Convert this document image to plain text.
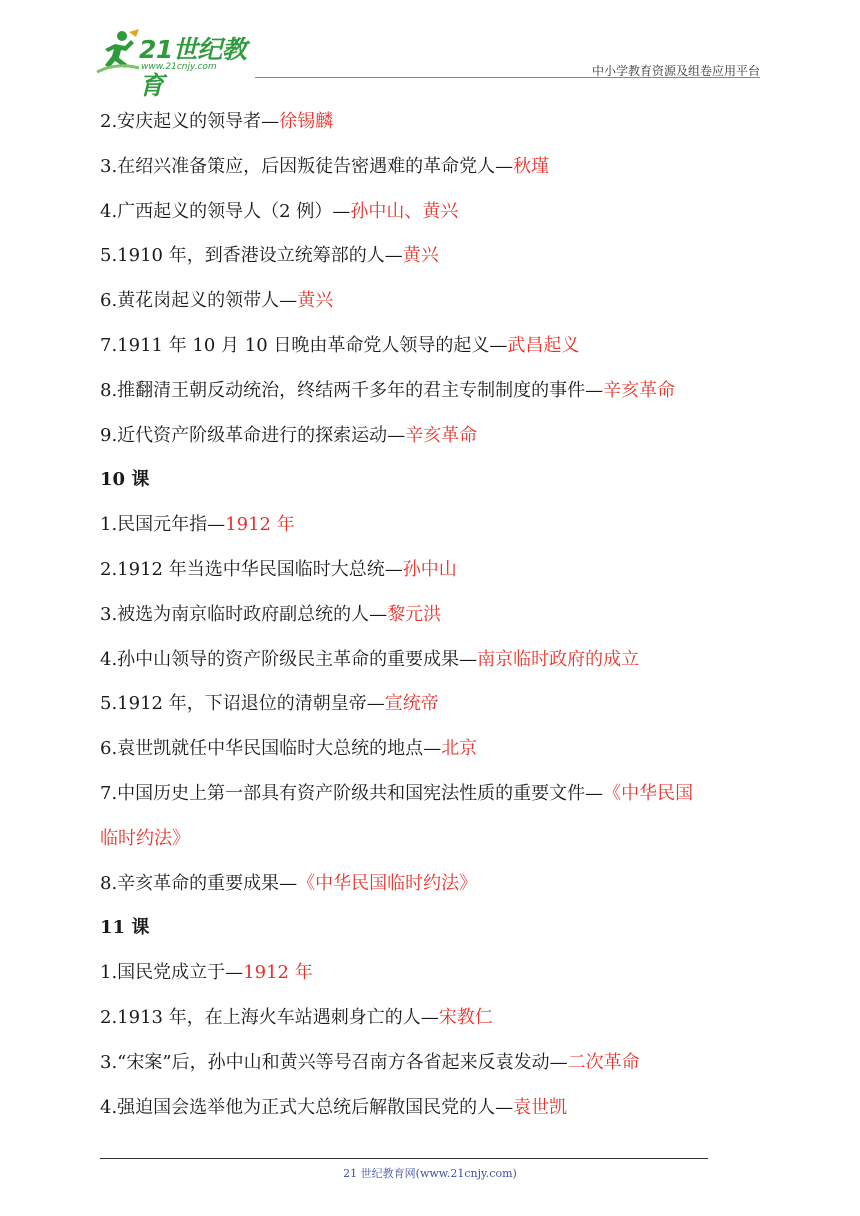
21世纪教育
www.21cnjy.com	中小学教育资源及组卷应用平台
2.安庆起义的领导者—徐锡麟
3.在绍兴准备策应，后因叛徒告密遇难的革命党人—秋瑾
4.广西起义的领导人（2 例）—孙中山、黄兴
5.1910 年，到香港设立统筹部的人—黄兴
6.黄花岗起义的领带人—黄兴
7.1911 年 10 月 10 日晚由革命党人领导的起义—武昌起义
8.推翻清王朝反动统治，终结两千多年的君主专制制度的事件—辛亥革命
9.近代资产阶级革命进行的探索运动—辛亥革命
10 课
1.民国元年指—1912 年
2.1912 年当选中华民国临时大总统—孙中山
3.被选为南京临时政府副总统的人—黎元洪
4.孙中山领导的资产阶级民主革命的重要成果—南京临时政府的成立
5.1912 年，下诏退位的清朝皇帝—宣统帝
6.袁世凯就任中华民国临时大总统的地点—北京
7.中国历史上第一部具有资产阶级共和国宪法性质的重要文件—《中华民国
临时约法》
8.辛亥革命的重要成果—《中华民国临时约法》
11 课
1.国民党成立于—1912 年
2.1913 年，在上海火车站遇刺身亡的人—宋教仁
3.“宋案”后，孙中山和黄兴等号召南方各省起来反袁发动—二次革命
4.强迫国会选举他为正式大总统后解散国民党的人—袁世凯
21 世纪教育网(www.21cnjy.com)
